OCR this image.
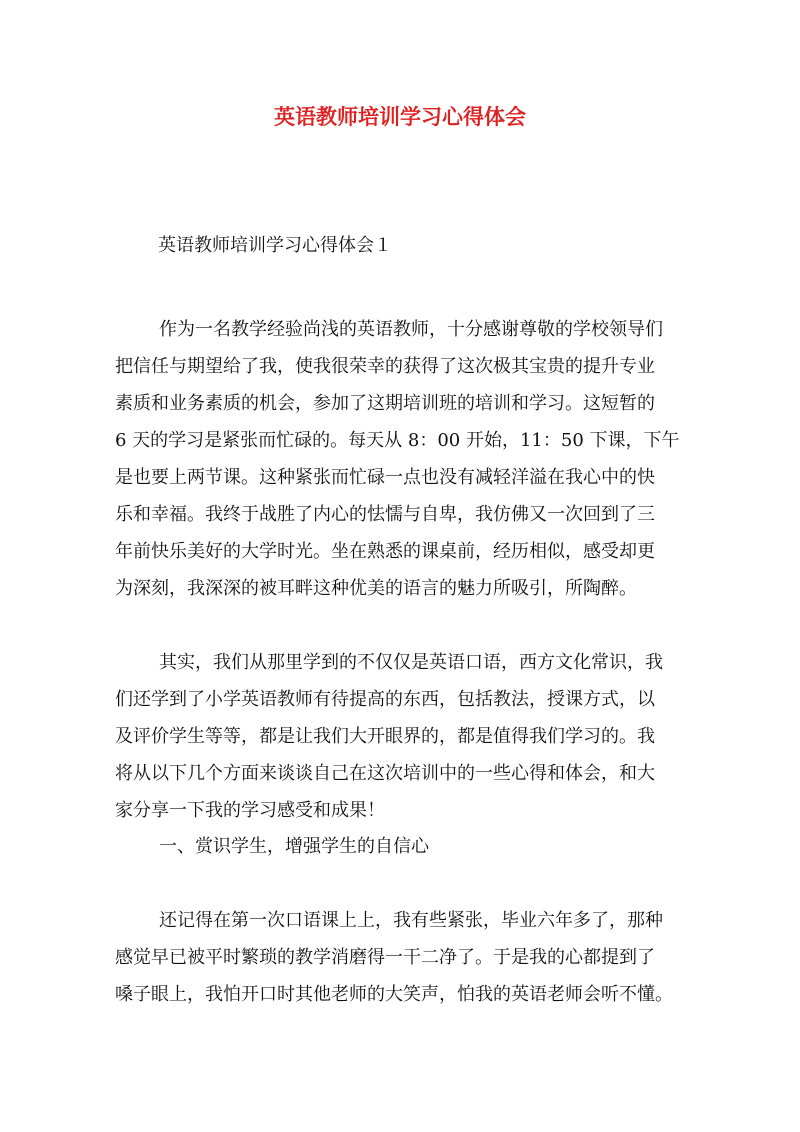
英语教师培训学习心得体会
英语教师培训学习心得体会１
作为一名教学经验尚浅的英语教师，十分感谢尊敬的学校领导们
把信任与期望给了我，使我很荣幸的获得了这次极其宝贵的提升专业
素质和业务素质的机会，参加了这期培训班的培训和学习。这短暂的
6 天的学习是紧张而忙碌的。每天从 8：00 开始，11：50 下课，下午
是也要上两节课。这种紧张而忙碌一点也没有减轻洋溢在我心中的快
乐和幸福。我终于战胜了内心的怯懦与自卑，我仿佛又一次回到了三
年前快乐美好的大学时光。坐在熟悉的课桌前，经历相似，感受却更
为深刻，我深深的被耳畔这种优美的语言的魅力所吸引，所陶醉。
其实，我们从那里学到的不仅仅是英语口语，西方文化常识，我
们还学到了小学英语教师有待提高的东西，包括教法，授课方式，以
及评价学生等等，都是让我们大开眼界的，都是值得我们学习的。我
将从以下几个方面来谈谈自己在这次培训中的一些心得和体会，和大
家分享一下我的学习感受和成果！
一、赏识学生，增强学生的自信心
还记得在第一次口语课上上，我有些紧张，毕业六年多了，那种
感觉早已被平时繁琐的教学消磨得一干二净了。于是我的心都提到了
嗓子眼上，我怕开口时其他老师的大笑声，怕我的英语老师会听不懂。
